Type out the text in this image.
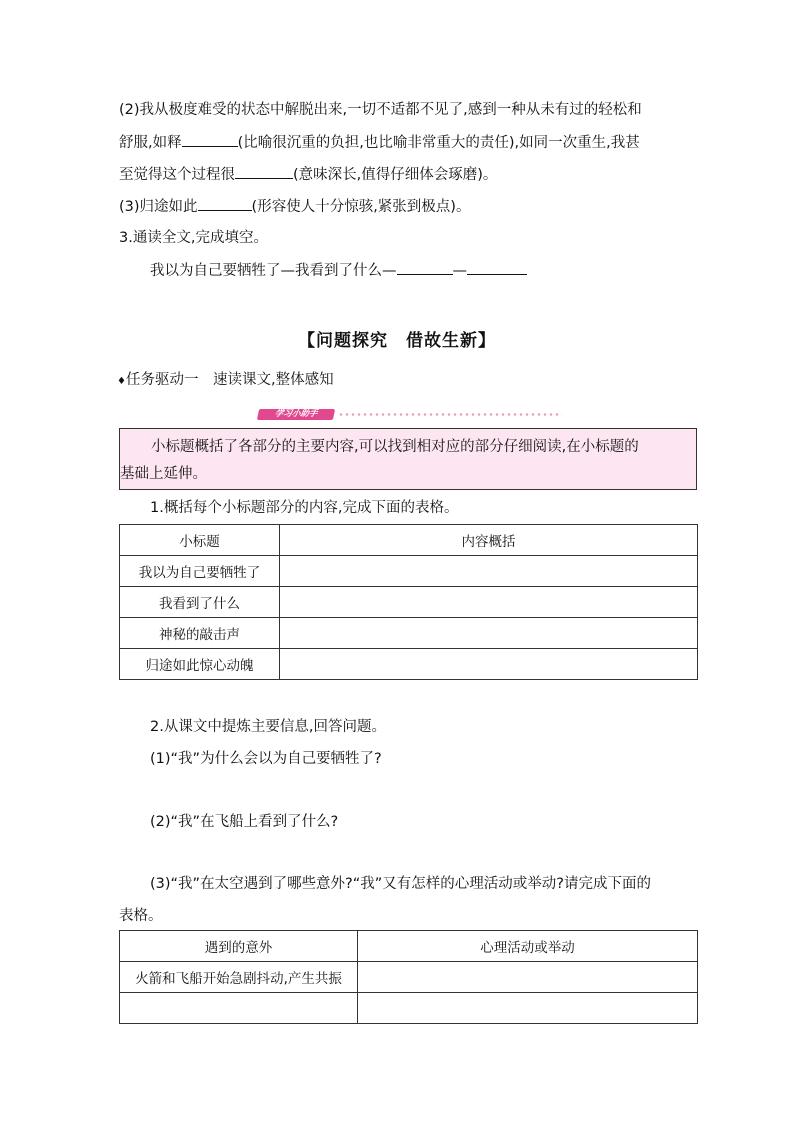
(2)我从极度难受的状态中解脱出来,一切不适都不见了,感到一种从未有过的轻松和
舒服,如释	(比喻很沉重的负担,也比喻非常重大的责任),如同一次重生,我甚
至觉得这个过程很	(意味深长,值得仔细体会琢磨)。
(3)归途如此	(形容使人十分惊骇,紧张到极点)。
3.通读全文,完成填空。
我以为自己要牺牲了—我看到了什么—	—
【问题探究　借故生新】
♦任务驱动一　速读课文,整体感知
学习小助手
小标题概括了各部分的主要内容,可以找到相对应的部分仔细阅读,在小标题的
基础上延伸。
1.概括每个小标题部分的内容,完成下面的表格。
小标题	内容概括
我以为自己要牺牲了	
我看到了什么	
神秘的敲击声	
归途如此惊心动魄	
2.从课文中提炼主要信息,回答问题。
(1)“我”为什么会以为自己要牺牲了?
(2)“我”在飞船上看到了什么?
(3)“我”在太空遇到了哪些意外?“我”又有怎样的心理活动或举动?请完成下面的
表格。
遇到的意外	心理活动或举动
火箭和飞船开始急剧抖动,产生共振	
